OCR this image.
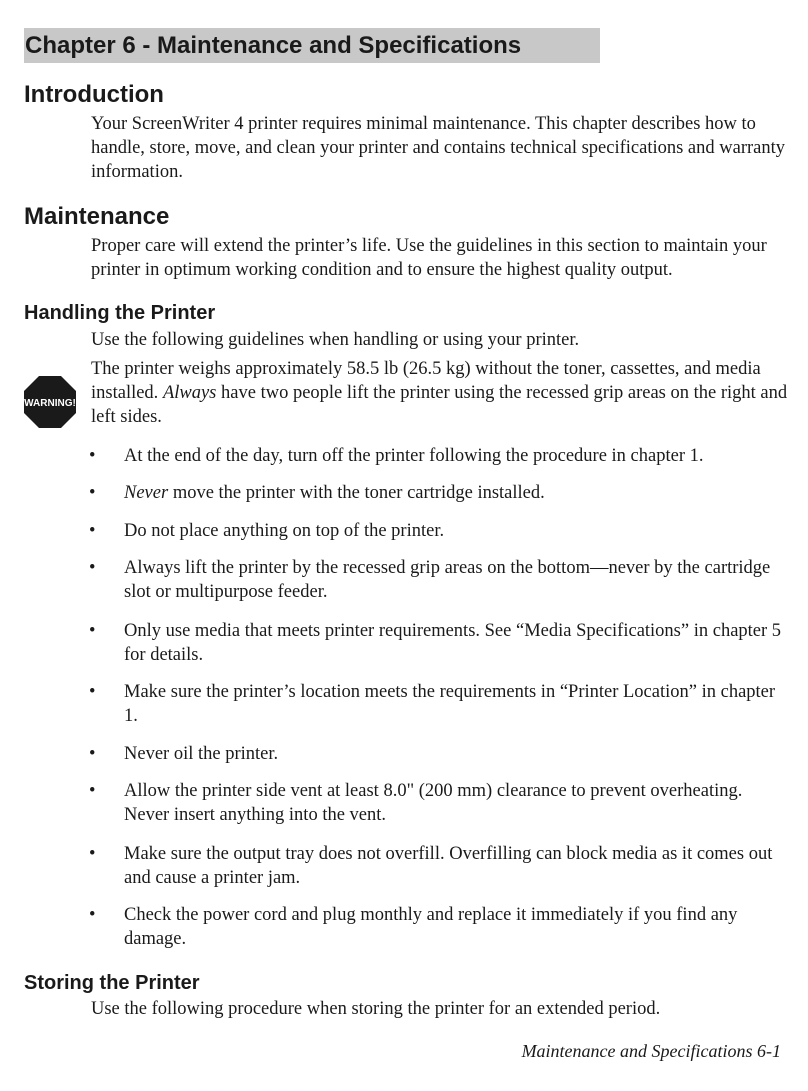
Chapter 6 - Maintenance and Specifications
Introduction
Your ScreenWriter 4 printer requires minimal maintenance. This chapter describes how to handle, store, move, and clean your printer and contains technical specifications and warranty information.
Maintenance
Proper care will extend the printer’s life. Use the guidelines in this section to maintain your printer in optimum working condition and to ensure the highest quality output.
Handling the Printer
Use the following guidelines when handling or using your printer.
WARNING!
The printer weighs approximately 58.5 lb (26.5 kg) without the toner, cassettes, and media installed. Always have two people lift the printer using the recessed grip areas on the right and left sides.
• At the end of the day, turn off the printer following the procedure in chapter 1.
• Never move the printer with the toner cartridge installed.
• Do not place anything on top of the printer.
• Always lift the printer by the recessed grip areas on the bottom—never by the cartridge slot or multipurpose feeder.
• Only use media that meets printer requirements. See “Media Specifications” in chapter 5 for details.
• Make sure the printer’s location meets the requirements in “Printer Location” in chapter 1.
• Never oil the printer.
• Allow the printer side vent at least 8.0" (200 mm) clearance to prevent overheating. Never insert anything into the vent.
• Make sure the output tray does not overfill. Overfilling can block media as it comes out and cause a printer jam.
• Check the power cord and plug monthly and replace it immediately if you find any damage.
Storing the Printer
Use the following procedure when storing the printer for an extended period.
Maintenance and Specifications 6-1
